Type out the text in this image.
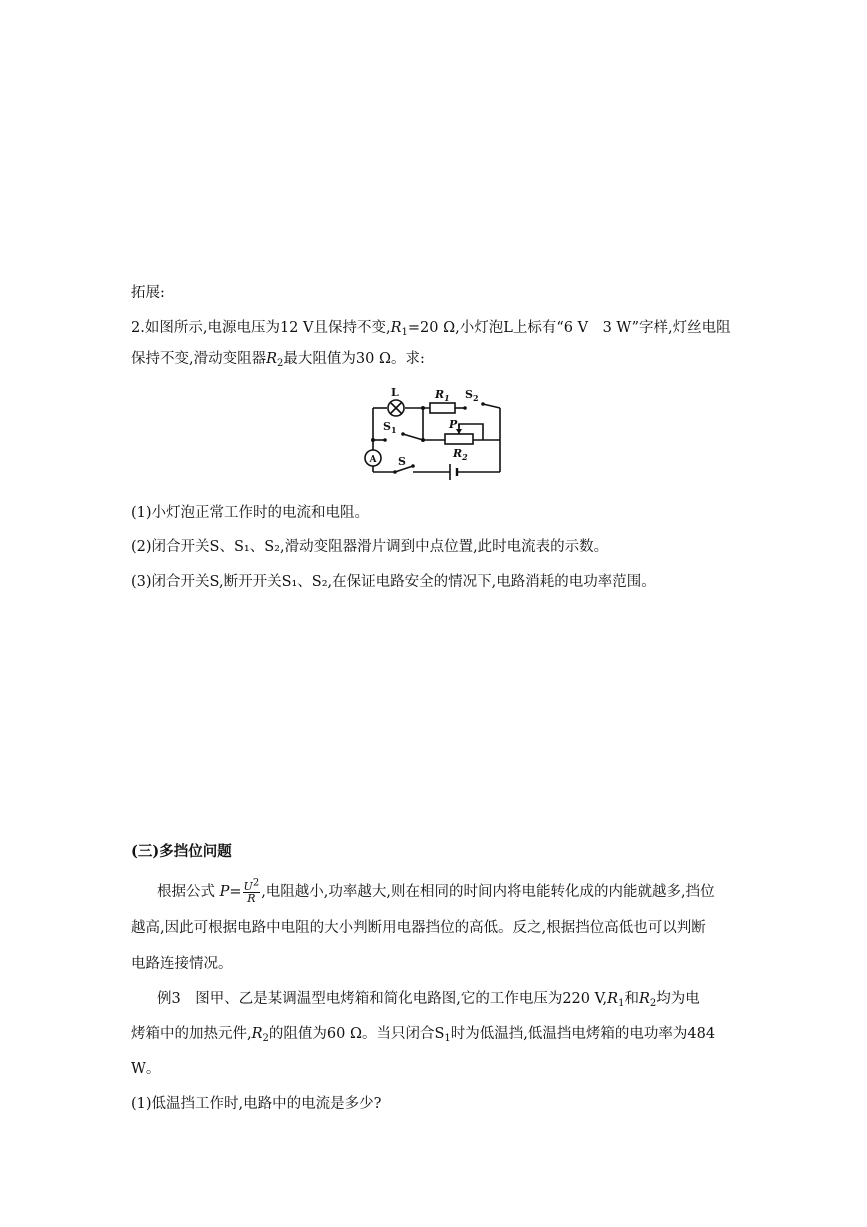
拓展:
2.如图所示,电源电压为12 V且保持不变$,R_1=20$ Ω,小灯泡L上标有“6 V　3 W”字样,灯丝电阻
保持不变,滑动变阻器$R_2$最大阻值为30 Ω。求:
L	$R_1$ $S_2$
$S_1$	P
$R_2$
A S
(1)小灯泡正常工作时的电流和电阻。
(2)闭合开关S、S₁、S₂,滑动变阻器滑片调到中点位置,此时电流表的示数。
(3)闭合开关S,断开开关S₁、S₂,在保证电路安全的情况下,电路消耗的电功率范围。
(三)多挡位问题
根据公式 $P= \frac{U^2}{R}$ ,电阻越小,功率越大,则在相同的时间内将电能转化成的内能就越多,挡位
越高,因此可根据电路中电阻的大小判断用电器挡位的高低。反之,根据挡位高低也可以判断
电路连接情况。
例3　图甲、乙是某调温型电烤箱和简化电路图,它的工作电压为220 $V,R_1$和$R_2$均为电
烤箱中的加热元件$,R_2$的阻值为60 Ω。当只闭合$S_1$时为低温挡,低温挡电烤箱的电功率为484
W。
(1)低温挡工作时,电路中的电流是多少?
